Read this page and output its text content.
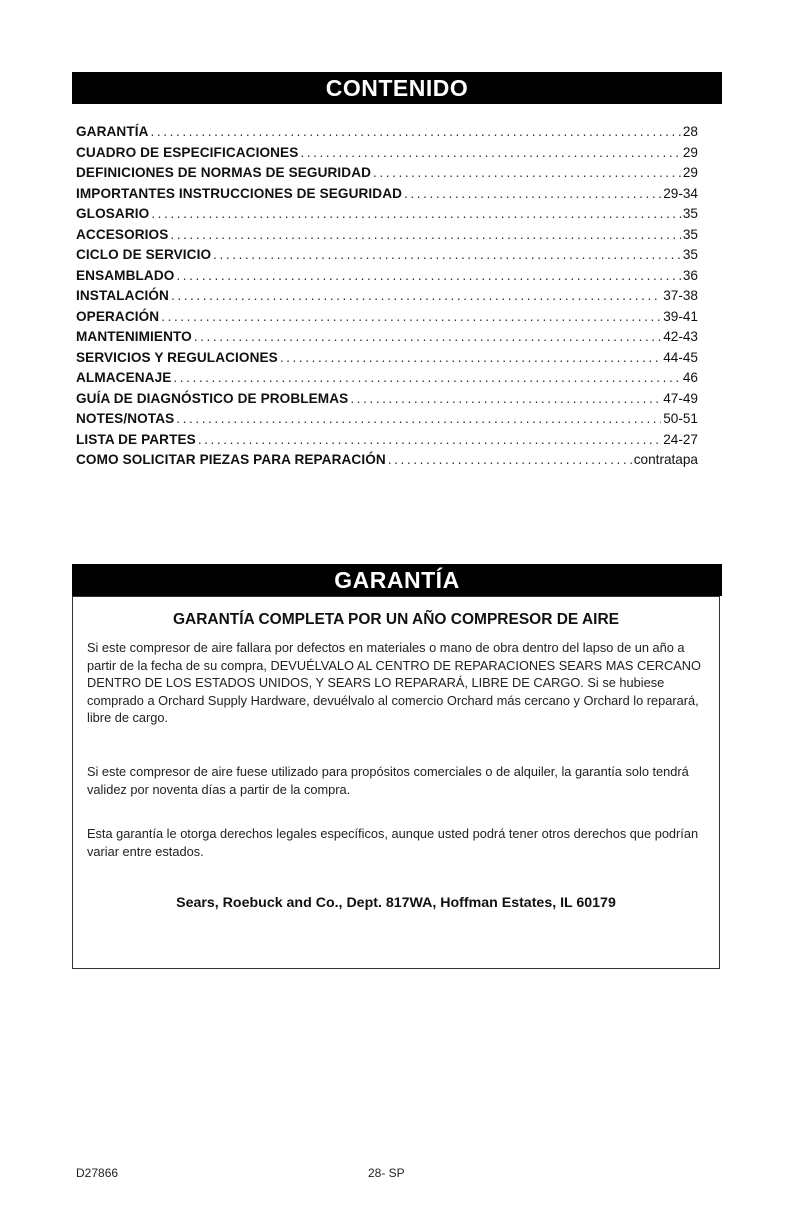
CONTENIDO
GARANTÍA . . .	28
CUADRO DE ESPECIFICACIONES . . .	29
DEFINICIONES DE NORMAS DE SEGURIDAD . . .	29
IMPORTANTES INSTRUCCIONES DE SEGURIDAD . . .	29-34
GLOSARIO . . .	35
ACCESORIOS . . .	35
CICLO DE SERVICIO . . .	35
ENSAMBLADO . . .	36
INSTALACIÓN . . .	37-38
OPERACIÓN . . .	39-41
MANTENIMIENTO . . .	42-43
SERVICIOS Y REGULACIONES . . .	44-45
ALMACENAJE . . .	46
GUÍA DE DIAGNÓSTICO DE PROBLEMAS . . .	47-49
NOTES/NOTAS . . .	50-51
LISTA DE PARTES . . .	24-27
COMO SOLICITAR PIEZAS PARA REPARACIÓN . . .	contratapa
GARANTÍA
GARANTÍA COMPLETA POR UN AÑO COMPRESOR DE AIRE
Si este compresor de aire fallara por defectos en materiales o mano de obra dentro del lapso de un año a partir de la fecha de su compra, DEVUÉLVALO AL CENTRO DE REPARACIONES SEARS MAS CERCANO DENTRO DE LOS ESTADOS UNIDOS, Y SEARS LO REPARARÁ, LIBRE DE CARGO. Si se hubiese comprado a Orchard Supply Hardware, devuélvalo al comercio Orchard más cercano y Orchard lo reparará, libre de cargo.
Si este compresor de aire fuese utilizado para propósitos comerciales o de alquiler, la garantía solo tendrá validez por noventa días a partir de la compra.
Esta garantía le otorga derechos legales específicos, aunque usted podrá tener otros derechos que podrían variar entre estados.
Sears, Roebuck and Co., Dept. 817WA, Hoffman Estates, IL 60179
D27866	28- SP
